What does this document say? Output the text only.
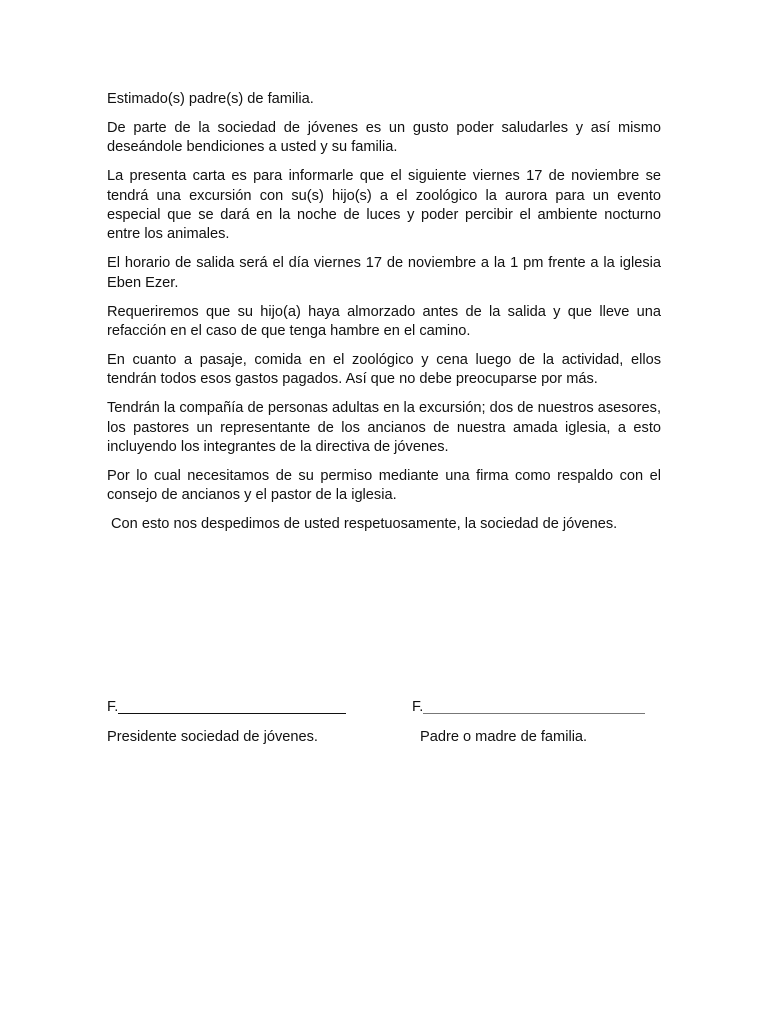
Estimado(s) padre(s) de familia.

De parte de la sociedad de jóvenes es un gusto poder saludarles y así mismo deseándole bendiciones a usted y su familia.

La presenta carta es para informarle que el siguiente viernes 17 de noviembre se tendrá una excursión con su(s) hijo(s) a el zoológico la aurora para un evento especial que se dará en la noche de luces y poder percibir el ambiente nocturno entre los animales.

El horario de salida será el día viernes 17 de noviembre a la 1 pm frente a la iglesia Eben Ezer.

Requeriremos que su hijo(a) haya almorzado antes de la salida y que lleve una refacción en el caso de que tenga hambre en el camino.

En cuanto a pasaje, comida en el zoológico y cena luego de la actividad, ellos tendrán todos esos gastos pagados. Así que no debe preocuparse por más.

Tendrán la compañía de personas adultas en la excursión; dos de nuestros asesores, los pastores un representante de los ancianos de nuestra amada iglesia, a esto incluyendo los integrantes de la directiva de jóvenes.

Por lo cual necesitamos de su permiso mediante una firma como respaldo con el consejo de ancianos y el pastor de la iglesia.

Con esto nos despedimos de usted respetuosamente, la sociedad de jóvenes.

F.
Presidente sociedad de jóvenes.
F.
Padre o madre de familia.
